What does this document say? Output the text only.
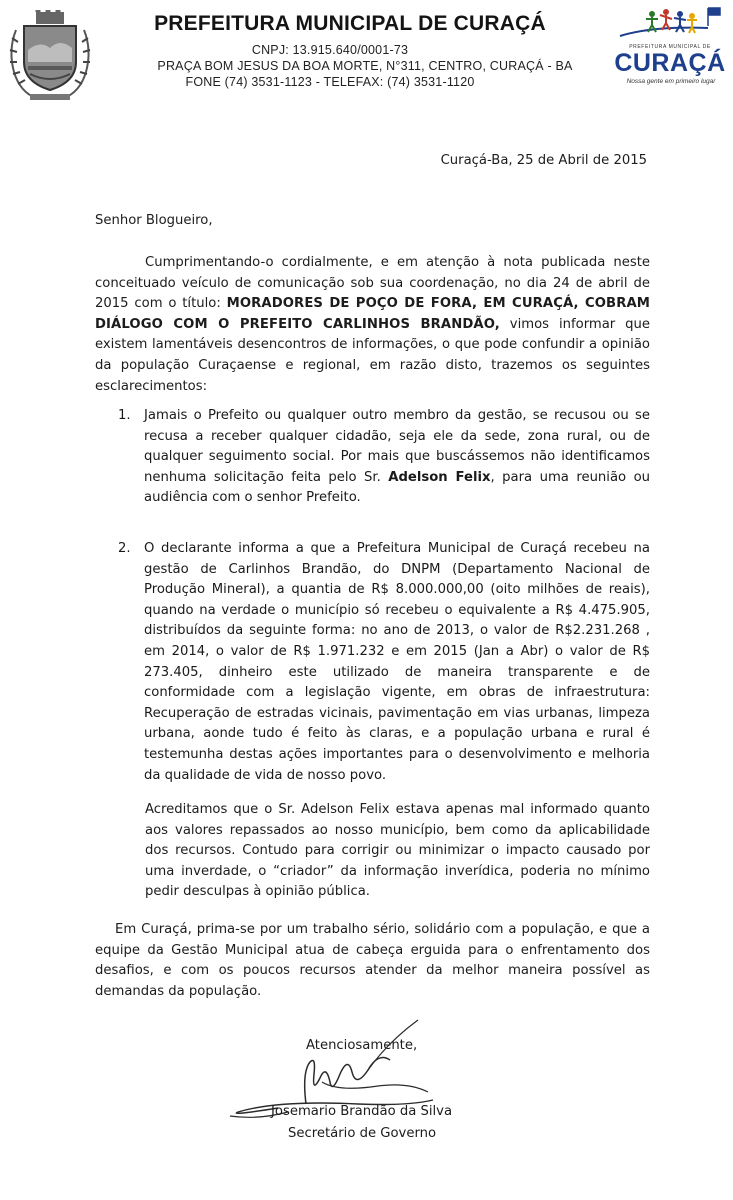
PREFEITURA MUNICIPAL DE CURAÇÁ
CNPJ: 13.915.640/0001-73
PRAÇA BOM JESUS DA BOA MORTE, N°311, CENTRO, CURAÇÁ - BA
FONE (74) 3531-1123 - TELEFAX: (74) 3531-1120
PREFEITURA MUNICIPAL DE
CURAÇÁ
Nossa gente em primeiro lugar
Curaçá-Ba, 25 de Abril de 2015
Senhor Blogueiro,
Cumprimentando-o cordialmente, e em atenção à nota publicada neste conceituado veículo de comunicação sob sua coordenação, no dia 24 de abril de 2015 com o título: MORADORES DE POÇO DE FORA, EM CURAÇÁ, COBRAM DIÁLOGO COM O PREFEITO CARLINHOS BRANDÃO, vimos informar que existem lamentáveis desencontros de informações, o que pode confundir a opinião da população Curaçaense e regional, em razão disto, trazemos os seguintes esclarecimentos:
1. Jamais o Prefeito ou qualquer outro membro da gestão, se recusou ou se recusa a receber qualquer cidadão, seja ele da sede, zona rural, ou de qualquer seguimento social. Por mais que buscássemos não identificamos nenhuma solicitação feita pelo Sr. Adelson Felix, para uma reunião ou audiência com o senhor Prefeito.
2. O declarante informa a que a Prefeitura Municipal de Curaçá recebeu na gestão de Carlinhos Brandão, do DNPM (Departamento Nacional de Produção Mineral), a quantia de R$ 8.000.000,00 (oito milhões de reais), quando na verdade o município só recebeu o equivalente a R$ 4.475.905, distribuídos da seguinte forma: no ano de 2013, o valor de R$2.231.268 , em 2014, o valor de R$ 1.971.232 e em 2015 (Jan a Abr) o valor de R$ 273.405, dinheiro este utilizado de maneira transparente e de conformidade com a legislação vigente, em obras de infraestrutura: Recuperação de estradas vicinais, pavimentação em vias urbanas, limpeza urbana, aonde tudo é feito às claras, e a população urbana e rural é testemunha destas ações importantes para o desenvolvimento e melhoria da qualidade de vida de nosso povo.
Acreditamos que o Sr. Adelson Felix estava apenas mal informado quanto aos valores repassados ao nosso município, bem como da aplicabilidade dos recursos. Contudo para corrigir ou minimizar o impacto causado por uma inverdade, o “criador” da informação inverídica, poderia no mínimo pedir desculpas à opinião pública.
Em Curaçá, prima-se por um trabalho sério, solidário com a população, e que a equipe da Gestão Municipal atua de cabeça erguida para o enfrentamento dos desafios, e com os poucos recursos atender da melhor maneira possível as demandas da população.
Atenciosamente,
Josemario Brandão da Silva
Secretário de Governo
